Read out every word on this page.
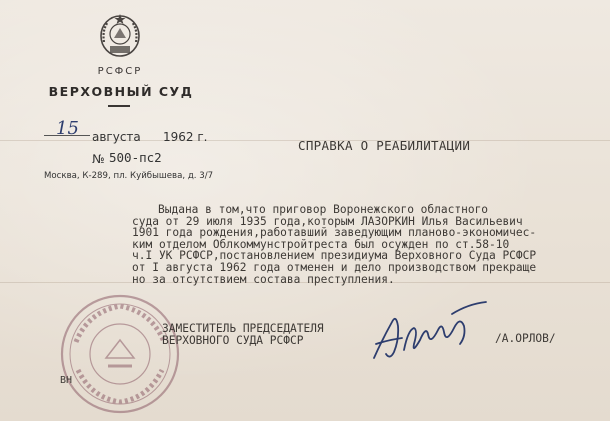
РСФСР
ВЕРХОВНЫЙ СУД
15 августа 1962 г.
№ 500-пс2
Москва, К-289, пл. Куйбышева, д. 3/7
СПРАВКА О РЕАБИЛИТАЦИИ
Выдана в том,что приговор Воронежского областного
суда от 29 июля 1935 года,которым ЛАЗОРКИН Илья Васильевич
1901 года рождения,работавший заведующим планово-экономичес-
ким отделом Облкоммунстройтреста был осужден по ст.58-10
ч.I УК РСФСР,постановлением президиума Верховного Суда РСФСР
от I августа 1962 года отменен и дело производством прекраще
но за отсутствием состава преступления.
ЗАМЕСТИТЕЛЬ ПРЕДСЕДАТЕЛЯ
ВЕРХОВНОГО СУДА РСФСР	/А.ОРЛОВ/
ВН
